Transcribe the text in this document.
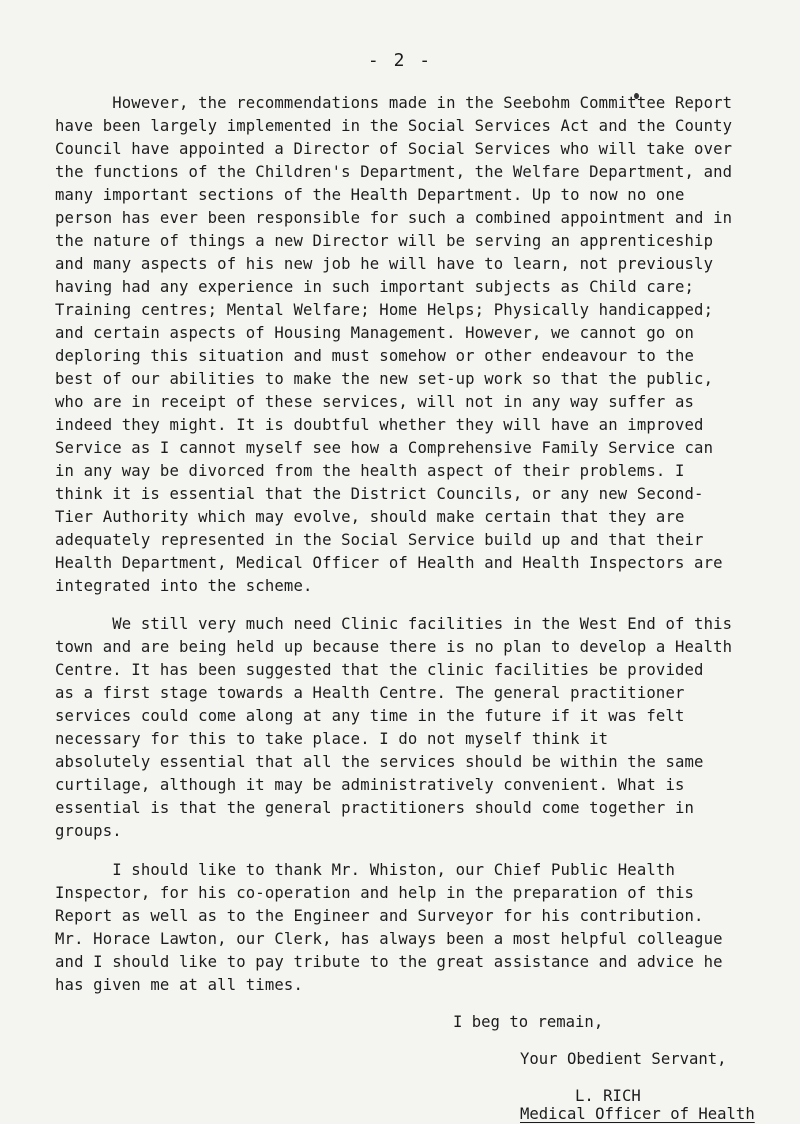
- 2 -
However, the recommendations made in the Seebohm Committee Report
have been largely implemented in the Social Services Act and the County
Council have appointed a Director of Social Services who will take over
the functions of the Children's Department, the Welfare Department, and
many important sections of the Health Department. Up to now no one
person has ever been responsible for such a combined appointment and in
the nature of things a new Director will be serving an apprenticeship
and many aspects of his new job he will have to learn, not previously
having had any experience in such important subjects as Child care;
Training centres; Mental Welfare; Home Helps; Physically handicapped;
and certain aspects of Housing Management. However, we cannot go on
deploring this situation and must somehow or other endeavour to the
best of our abilities to make the new set-up work so that the public,
who are in receipt of these services, will not in any way suffer as
indeed they might. It is doubtful whether they will have an improved
Service as I cannot myself see how a Comprehensive Family Service can
in any way be divorced from the health aspect of their problems. I
think it is essential that the District Councils, or any new Second-
Tier Authority which may evolve, should make certain that they are
adequately represented in the Social Service build up and that their
Health Department, Medical Officer of Health and Health Inspectors are
integrated into the scheme.
We still very much need Clinic facilities in the West End of this
town and are being held up because there is no plan to develop a Health
Centre. It has been suggested that the clinic facilities be provided
as a first stage towards a Health Centre. The general practitioner
services could come along at any time in the future if it was felt
necessary for this to take place. I do not myself think it
absolutely essential that all the services should be within the same
curtilage, although it may be administratively convenient. What is
essential is that the general practitioners should come together in
groups.
I should like to thank Mr. Whiston, our Chief Public Health
Inspector, for his co-operation and help in the preparation of this
Report as well as to the Engineer and Surveyor for his contribution.
Mr. Horace Lawton, our Clerk, has always been a most helpful colleague
and I should like to pay tribute to the great assistance and advice he
has given me at all times.
I beg to remain,
Your Obedient Servant,
L. RICH
Medical Officer of Health
